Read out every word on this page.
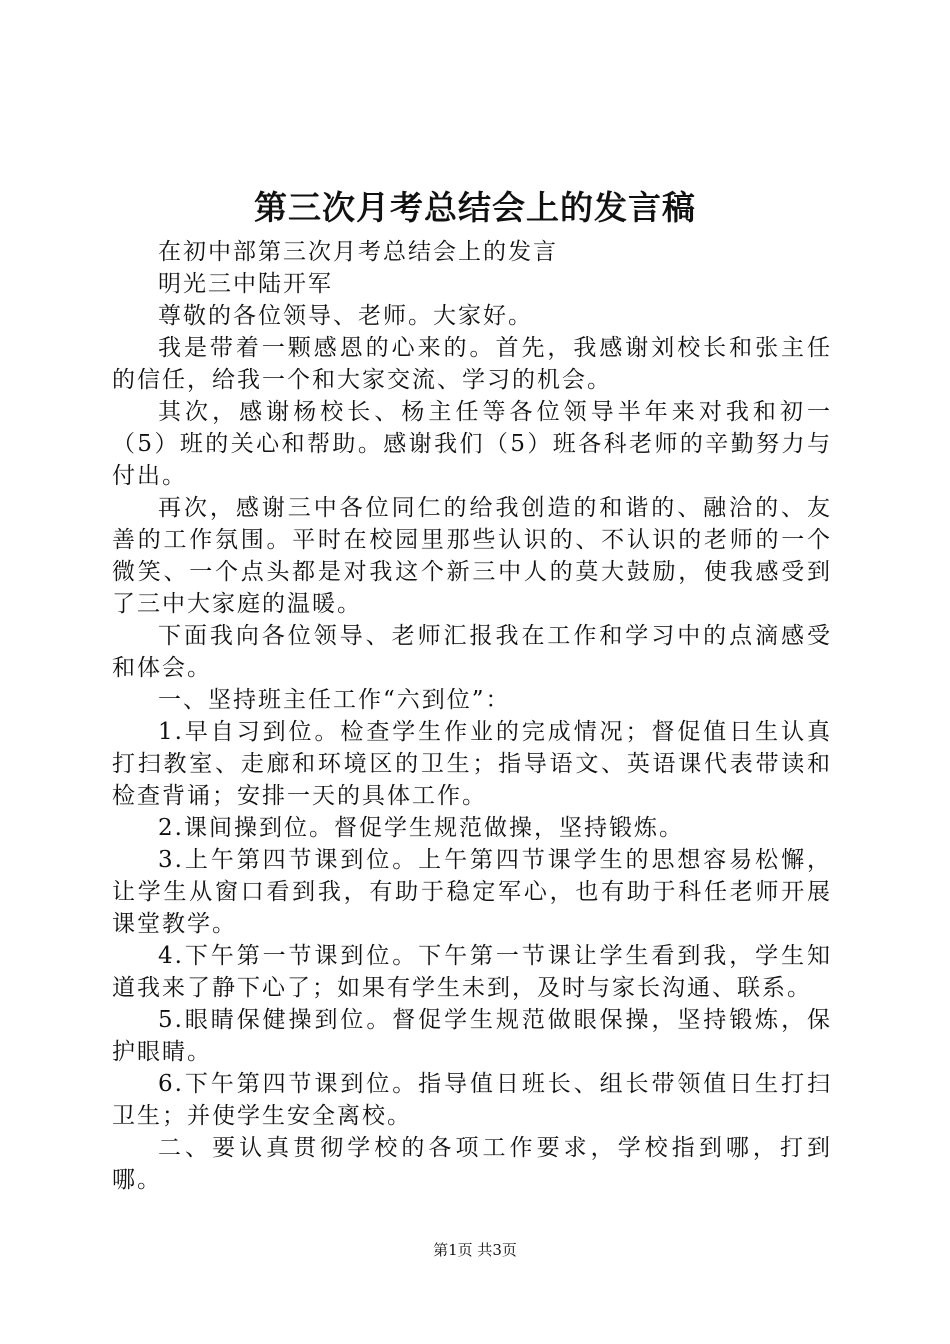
第三次月考总结会上的发言稿

在初中部第三次月考总结会上的发言

明光三中陆开军

尊敬的各位领导、老师。大家好。

我是带着一颗感恩的心来的。首先，我感谢刘校长和张主任的信任，给我一个和大家交流、学习的机会。

其次，感谢杨校长、杨主任等各位领导半年来对我和初一（5）班的关心和帮助。感谢我们（5）班各科老师的辛勤努力与付出。

再次，感谢三中各位同仁的给我创造的和谐的、融洽的、友善的工作氛围。平时在校园里那些认识的、不认识的老师的一个微笑、一个点头都是对我这个新三中人的莫大鼓励，使我感受到了三中大家庭的温暖。

下面我向各位领导、老师汇报我在工作和学习中的点滴感受和体会。

一、坚持班主任工作“六到位”：

1.早自习到位。检查学生作业的完成情况；督促值日生认真打扫教室、走廊和环境区的卫生；指导语文、英语课代表带读和检查背诵；安排一天的具体工作。

2.课间操到位。督促学生规范做操，坚持锻炼。

3.上午第四节课到位。上午第四节课学生的思想容易松懈，让学生从窗口看到我，有助于稳定军心，也有助于科任老师开展课堂教学。

4.下午第一节课到位。下午第一节课让学生看到我，学生知道我来了静下心了；如果有学生未到，及时与家长沟通、联系。

5.眼睛保健操到位。督促学生规范做眼保操，坚持锻炼，保护眼睛。

6.下午第四节课到位。指导值日班长、组长带领值日生打扫卫生；并使学生安全离校。

二、要认真贯彻学校的各项工作要求，学校指到哪，打到哪。

第1页 共3页
